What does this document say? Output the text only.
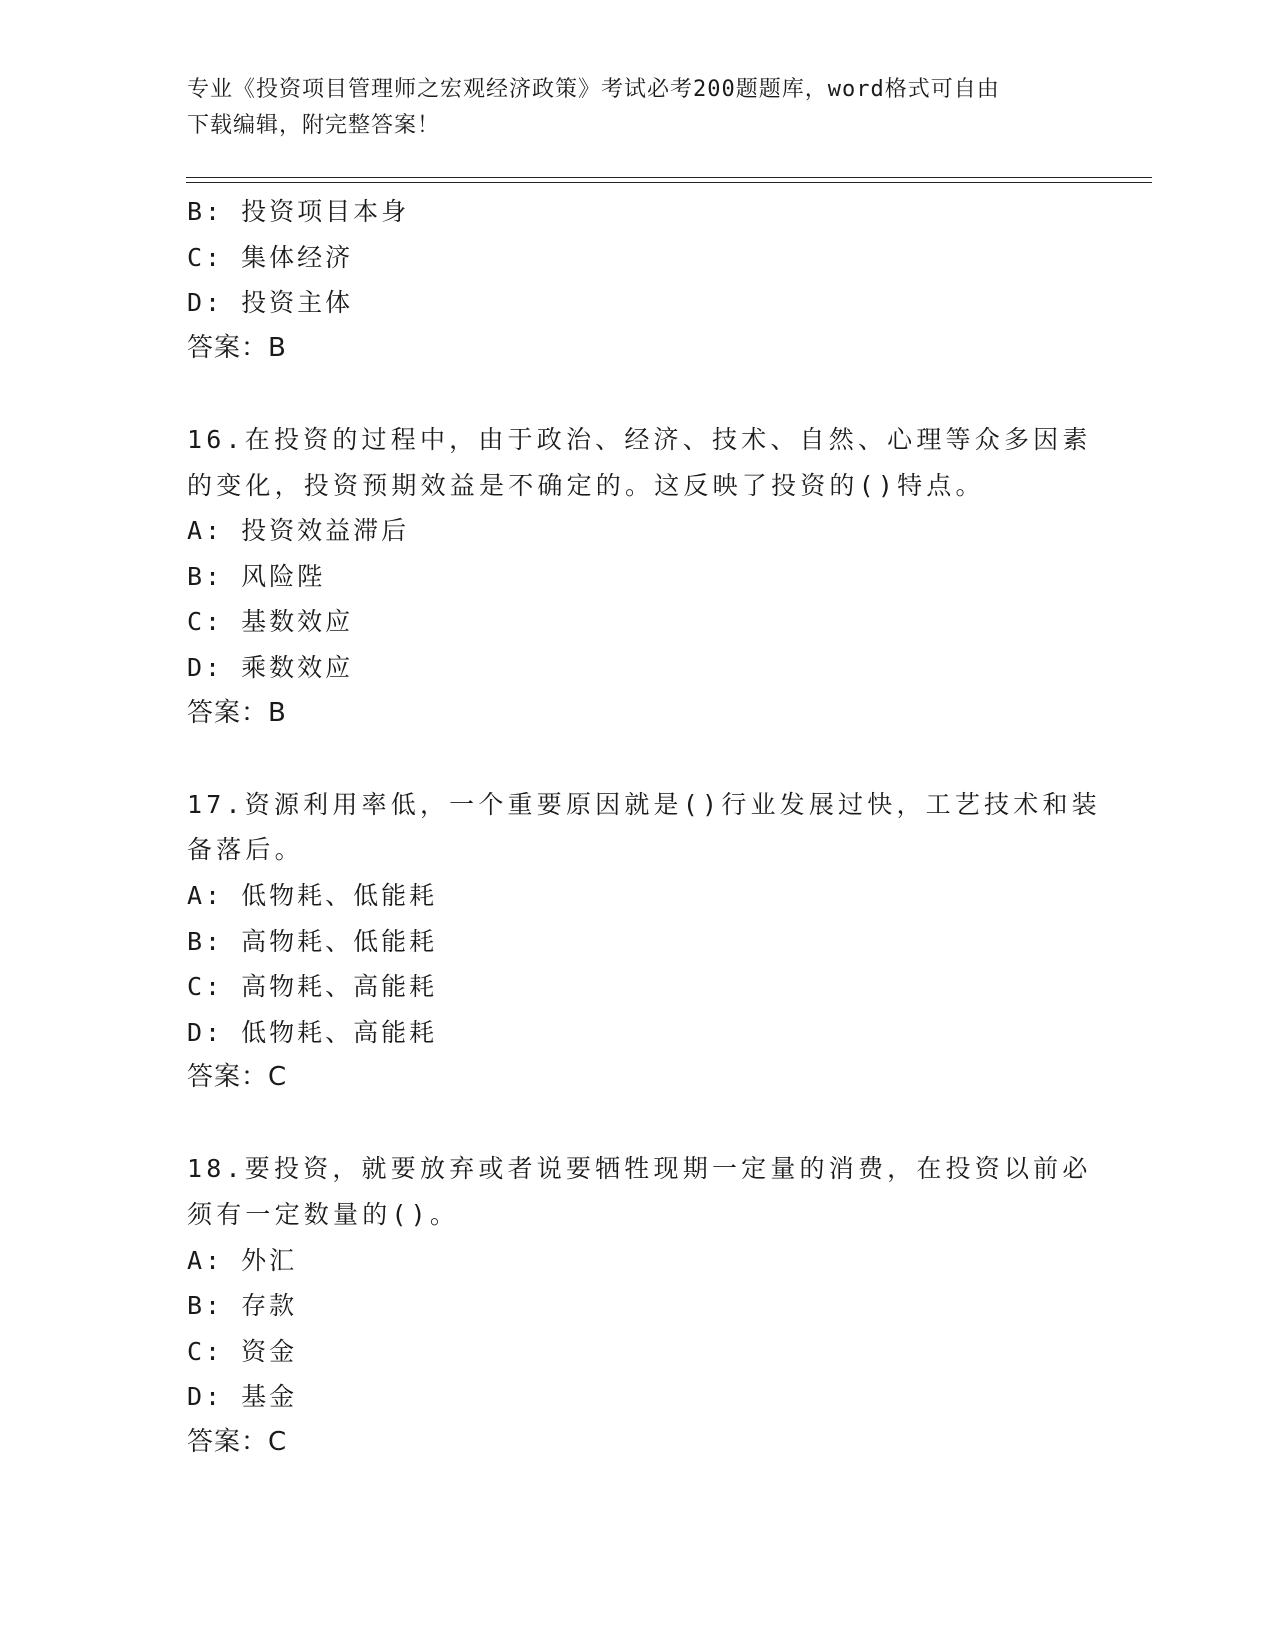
专业《投资项目管理师之宏观经济政策》考试必考200题题库，word格式可自由
下载编辑，附完整答案！
B: 投资项目本身
C: 集体经济
D: 投资主体
答案：B
16.在投资的过程中，由于政治、经济、技术、自然、心理等众多因素
的变化，投资预期效益是不确定的。这反映了投资的()特点。
A: 投资效益滞后
B: 风险陛
C: 基数效应
D: 乘数效应
答案：B
17.资源利用率低，一个重要原因就是()行业发展过快，工艺技术和装
备落后。
A: 低物耗、低能耗
B: 高物耗、低能耗
C: 高物耗、高能耗
D: 低物耗、高能耗
答案：C
18.要投资，就要放弃或者说要牺牲现期一定量的消费，在投资以前必
须有一定数量的()。
A: 外汇
B: 存款
C: 资金
D: 基金
答案：C
